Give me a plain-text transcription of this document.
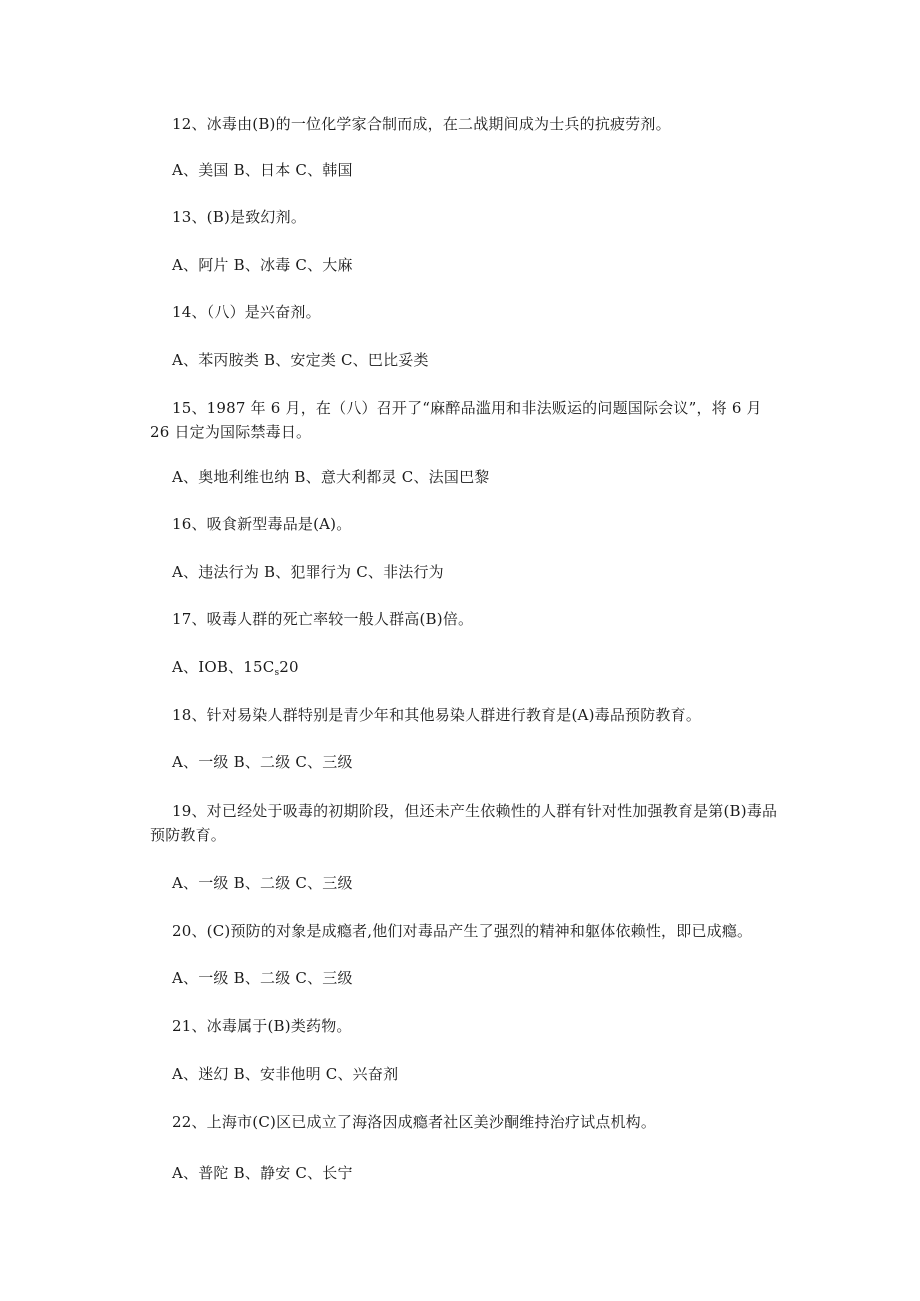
12、冰毒由(B)的一位化学家合制而成，在二战期间成为士兵的抗疲劳剂。
A、美国 B、日本 C、韩国
13、(B)是致幻剂。
A、阿片 B、冰毒 C、大麻
14、（八）是兴奋剂。
A、苯丙胺类 B、安定类 C、巴比妥类
15、1987 年 6 月，在（八）召开了“麻醉品滥用和非法贩运的问题国际会议”，将 6 月 26 日定为国际禁毒日。
A、奥地利维也纳 B、意大利都灵 C、法国巴黎
16、吸食新型毒品是(A)。
A、违法行为 B、犯罪行为 C、非法行为
17、吸毒人群的死亡率较一般人群高(B)倍。
A、IOB、$15C_s20$
18、针对易染人群特别是青少年和其他易染人群进行教育是(A)毒品预防教育。
A、一级 B、二级 C、三级
19、对已经处于吸毒的初期阶段，但还未产生依赖性的人群有针对性加强教育是第(B)毒品预防教育。
A、一级 B、二级 C、三级
20、(C)预防的对象是成瘾者,他们对毒品产生了强烈的精神和躯体依赖性，即已成瘾。
A、一级 B、二级 C、三级
21、冰毒属于(B)类药物。
A、迷幻 B、安非他明 C、兴奋剂
22、上海市(C)区已成立了海洛因成瘾者社区美沙酮维持治疗试点机构。
A、普陀 B、静安 C、长宁
